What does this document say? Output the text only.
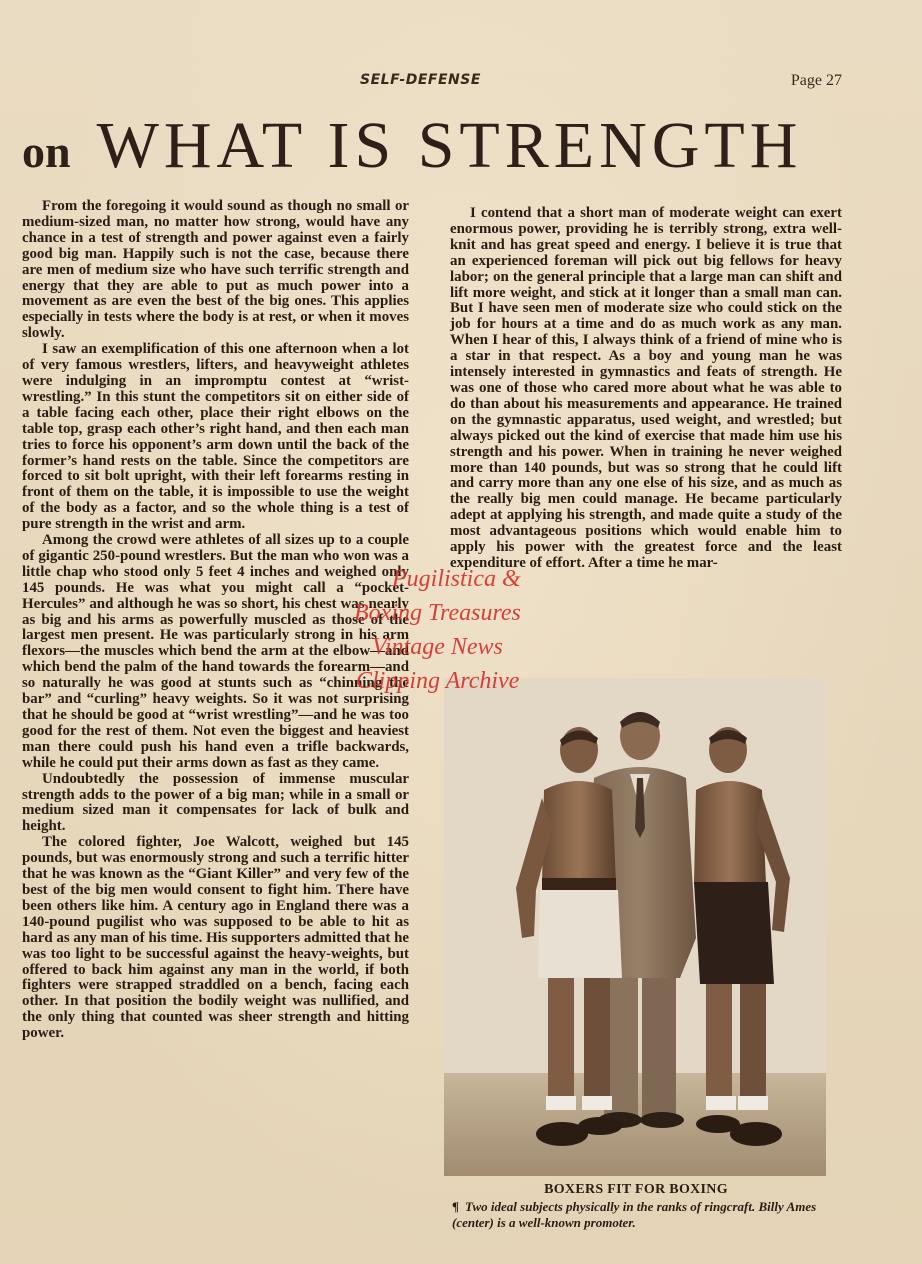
SELF-DEFENSE	Page 27
on WHAT IS STRENGTH

From the foregoing it would sound as though no small or medium-sized man, no matter how strong, would have any chance in a test of strength and power against even a fairly good big man. Happily such is not the case, because there are men of medium size who have such terrific strength and energy that they are able to put as much power into a movement as are even the best of the big ones. This applies especially in tests where the body is at rest, or when it moves slowly.

I saw an exemplification of this one afternoon when a lot of very famous wrestlers, lifters, and heavyweight athletes were indulging in an impromptu contest at “wrist-wrestling.” In this stunt the competitors sit on either side of a table facing each other, place their right elbows on the table top, grasp each other’s right hand, and then each man tries to force his opponent’s arm down until the back of the former’s hand rests on the table. Since the competitors are forced to sit bolt upright, with their left forearms resting in front of them on the table, it is impossible to use the weight of the body as a factor, and so the whole thing is a test of pure strength in the wrist and arm.

Among the crowd were athletes of all sizes up to a couple of gigantic 250-pound wrestlers. But the man who won was a little chap who stood only 5 feet 4 inches and weighed only 145 pounds. He was what you might call a “pocket-Hercules” and although he was so short, his chest was nearly as big and his arms as powerfully muscled as those of the largest men present. He was particularly strong in his arm flexors—the muscles which bend the arm at the elbow—and which bend the palm of the hand towards the forearm—and so naturally he was good at stunts such as “chinning the bar” and “curling” heavy weights. So it was not surprising that he should be good at “wrist wrestling”—and he was too good for the rest of them. Not even the biggest and heaviest man there could push his hand even a trifle backwards, while he could put their arms down as fast as they came.

Undoubtedly the possession of immense muscular strength adds to the power of a big man; while in a small or medium sized man it compensates for lack of bulk and height.

The colored fighter, Joe Walcott, weighed but 145 pounds, but was enormously strong and such a terrific hitter that he was known as the “Giant Killer” and very few of the best of the big men would consent to fight him. There have been others like him. A century ago in England there was a 140-pound pugilist who was supposed to be able to hit as hard as any man of his time. His supporters admitted that he was too light to be successful against the heavy-weights, but offered to back him against any man in the world, if both fighters were strapped straddled on a bench, facing each other. In that position the bodily weight was nullified, and the only thing that counted was sheer strength and hitting power.

I contend that a short man of moderate weight can exert enormous power, providing he is terribly strong, extra well-knit and has great speed and energy. I believe it is true that an experienced foreman will pick out big fellows for heavy labor; on the general principle that a large man can shift and lift more weight, and stick at it longer than a small man can. But I have seen men of moderate size who could stick on the job for hours at a time and do as much work as any man. When I hear of this, I always think of a friend of mine who is a star in that respect. As a boy and young man he was intensely interested in gymnastics and feats of strength. He was one of those who cared more about what he was able to do than about his measurements and appearance. He trained on the gymnastic apparatus, used weight, and wrestled; but always picked out the kind of exercise that made him use his strength and his power. When in training he never weighed more than 140 pounds, but was so strong that he could lift and carry more than any one else of his size, and as much as the really big men could manage. He became particularly adept at applying his strength, and made quite a study of the most advantageous positions which would enable him to apply his power with the greatest force and the least expenditure of effort. After a time he mar-

BOXERS FIT FOR BOXING
¶ Two ideal subjects physically in the ranks of ringcraft. Billy Ames (center) is a well-known promoter.
Pugilistica &
Boxing Treasures
Vintage News
Clipping Archive
